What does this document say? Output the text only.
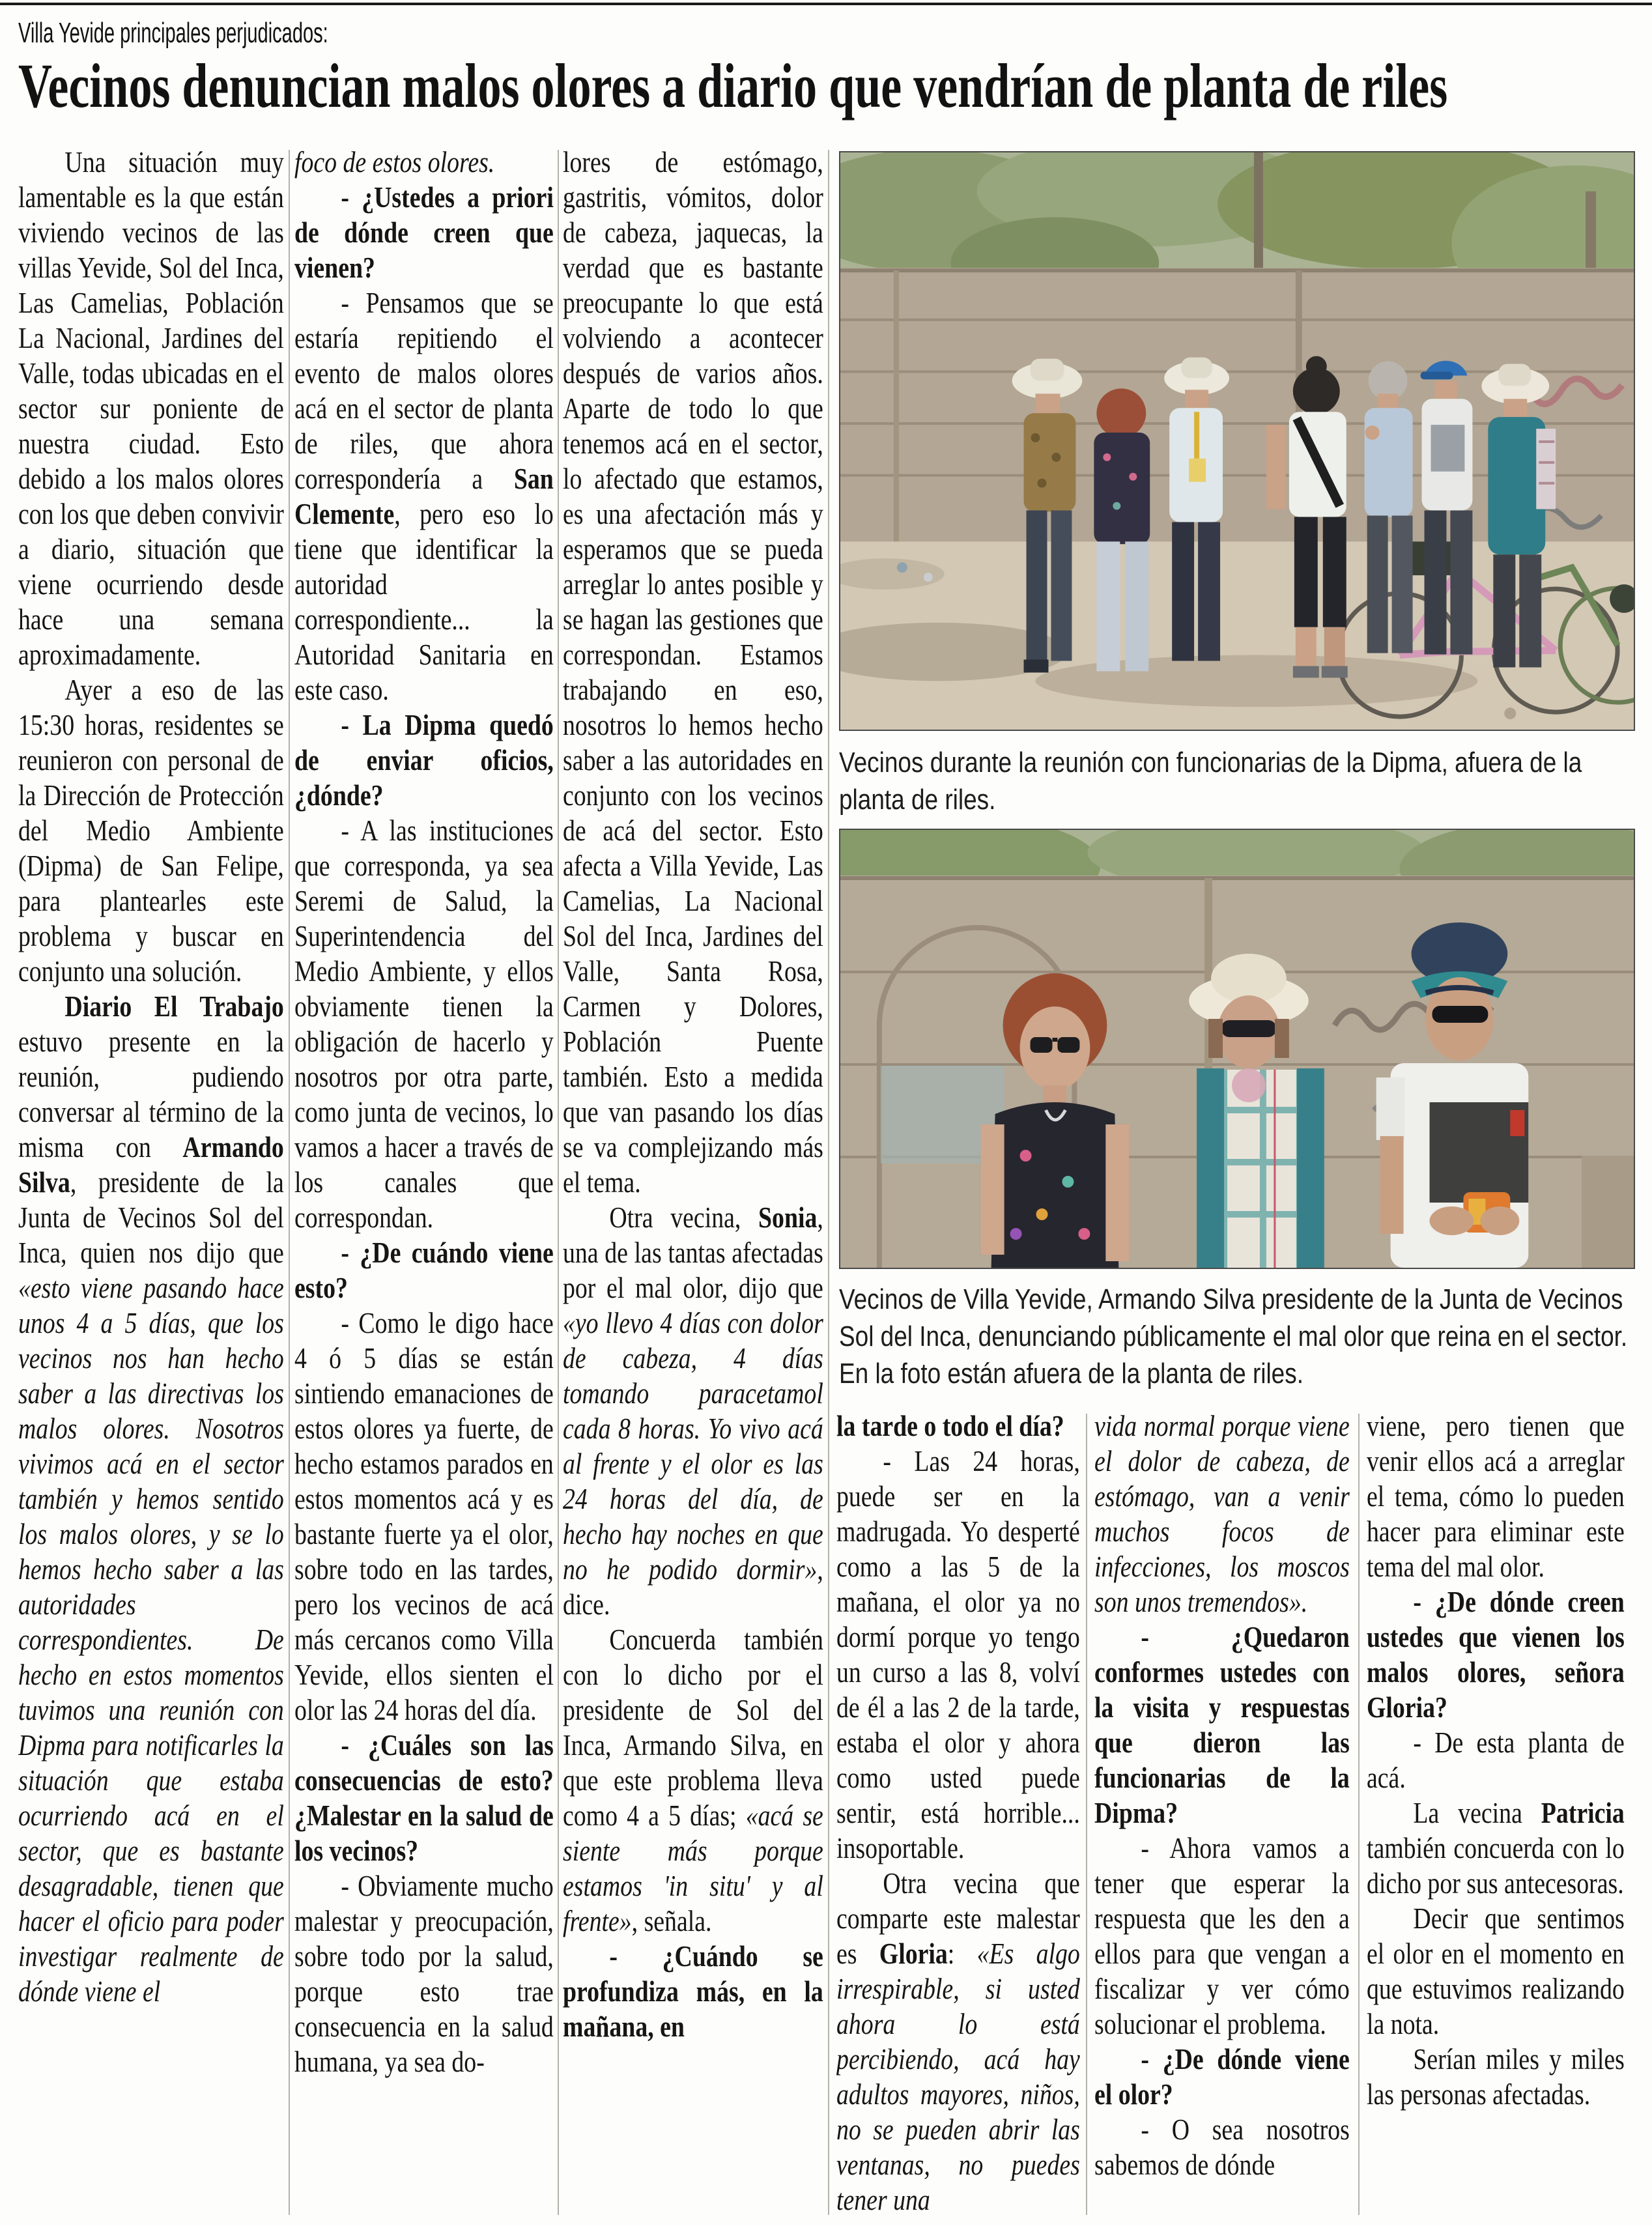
Villa Yevide principales perjudicados:
Vecinos denuncian malos olores a diario que vendrían de planta de riles

Una situación muy lamentable es la que están viviendo vecinos de las villas Yevide, Sol del Inca, Las Camelias, Población La Nacional, Jardines del Valle, todas ubicadas en el sector sur poniente de nuestra ciudad. Esto debido a los malos olores con los que deben convivir a diario, situación que viene ocurriendo desde hace una semana aproximadamente.

Ayer a eso de las 15:30 horas, residentes se reunieron con personal de la Dirección de Protección del Medio Ambiente (Dipma) de San Felipe, para plantearles este problema y buscar en conjunto una solución.

Diario El Trabajo estuvo presente en la reunión, pudiendo conversar al término de la misma con Armando Silva, presidente de la Junta de Vecinos Sol del Inca, quien nos dijo que «esto viene pasando hace unos 4 a 5 días, que los vecinos nos han hecho saber a las directivas los malos olores. Nosotros vivimos acá en el sector también y hemos sentido los malos olores, y se lo hemos hecho saber a las autoridades correspondientes. De hecho en estos momentos tuvimos una reunión con Dipma para notificarles la situación que estaba ocurriendo acá en el sector, que es bastante desagradable, tienen que hacer el oficio para poder investigar realmente de dónde viene el

foco de estos olores.

- ¿Ustedes a priori de dónde creen que vienen?

- Pensamos que se estaría repitiendo el evento de malos olores acá en el sector de planta de riles, que ahora correspondería a San Clemente, pero eso lo tiene que identificar la autoridad correspondiente... la Autoridad Sanitaria en este caso.

- La Dipma quedó de enviar oficios, ¿dónde?

- A las instituciones que corresponda, ya sea Seremi de Salud, la Superintendencia del Medio Ambiente, y ellos obviamente tienen la obligación de hacerlo y nosotros por otra parte, como junta de vecinos, lo vamos a hacer a través de los canales que correspondan.

- ¿De cuándo viene esto?

- Como le digo hace 4 ó 5 días se están sintiendo emanaciones de estos olores ya fuerte, de hecho estamos parados en estos momentos acá y es bastante fuerte ya el olor, sobre todo en las tardes, pero los vecinos de acá más cercanos como Villa Yevide, ellos sienten el olor las 24 horas del día.

- ¿Cuáles son las consecuencias de esto? ¿Malestar en la salud de los vecinos?

- Obviamente mucho malestar y preocupación, sobre todo por la salud, porque esto trae consecuencia en la salud humana, ya sea do-

lores de estómago, gastritis, vómitos, dolor de cabeza, jaquecas, la verdad que es bastante preocupante lo que está volviendo a acontecer después de varios años. Aparte de todo lo que tenemos acá en el sector, lo afectado que estamos, es una afectación más y esperamos que se pueda arreglar lo antes posible y se hagan las gestiones que correspondan. Estamos trabajando en eso, nosotros lo hemos hecho saber a las autoridades en conjunto con los vecinos de acá del sector. Esto afecta a Villa Yevide, Las Camelias, La Nacional Sol del Inca, Jardines del Valle, Santa Rosa, Carmen y Dolores, Población Puente también. Esto a medida que van pasando los días se va complejizando más el tema.

Otra vecina, Sonia, una de las tantas afectadas por el mal olor, dijo que «yo llevo 4 días con dolor de cabeza, 4 días tomando paracetamol cada 8 horas. Yo vivo acá al frente y el olor es las 24 horas del día, de hecho hay noches en que no he podido dormir», dice.

Concuerda también con lo dicho por el presidente de Sol del Inca, Armando Silva, en que este problema lleva como 4 a 5 días; «acá se siente más porque estamos 'in situ' y al frente», señala.

- ¿Cuándo se profundiza más, en la mañana, en

Vecinos durante la reunión con funcionarias de la Dipma, afuera de la planta de riles.
Vecinos de Villa Yevide, Armando Silva presidente de la Junta de Vecinos Sol del Inca, denunciando públicamente el mal olor que reina en el sector. En la foto están afuera de la planta de riles.

la tarde o todo el día?

- Las 24 horas, puede ser en la madrugada. Yo desperté como a las 5 de la mañana, el olor ya no dormí porque yo tengo un curso a las 8, volví de él a las 2 de la tarde, estaba el olor y ahora como usted puede sentir, está horrible... insoportable.

Otra vecina que comparte este malestar es Gloria: «Es algo irrespirable, si usted ahora lo está percibiendo, acá hay adultos mayores, niños, no se pueden abrir las ventanas, no puedes tener una

vida normal porque viene el dolor de cabeza, de estómago, van a venir muchos focos de infecciones, los moscos son unos tremendos».

- ¿Quedaron conformes ustedes con la visita y respuestas que dieron las funcionarias de la Dipma?

- Ahora vamos a tener que esperar la respuesta que les den a ellos para que vengan a fiscalizar y ver cómo solucionar el problema.

- ¿De dónde viene el olor?

- O sea nosotros sabemos de dónde

viene, pero tienen que venir ellos acá a arreglar el tema, cómo lo pueden hacer para eliminar este tema del mal olor.

- ¿De dónde creen ustedes que vienen los malos olores, señora Gloria?

- De esta planta de acá.

La vecina Patricia también concuerda con lo dicho por sus antecesoras.

Decir que sentimos el olor en el momento en que estuvimos realizando la nota.

Serían miles y miles las personas afectadas.
